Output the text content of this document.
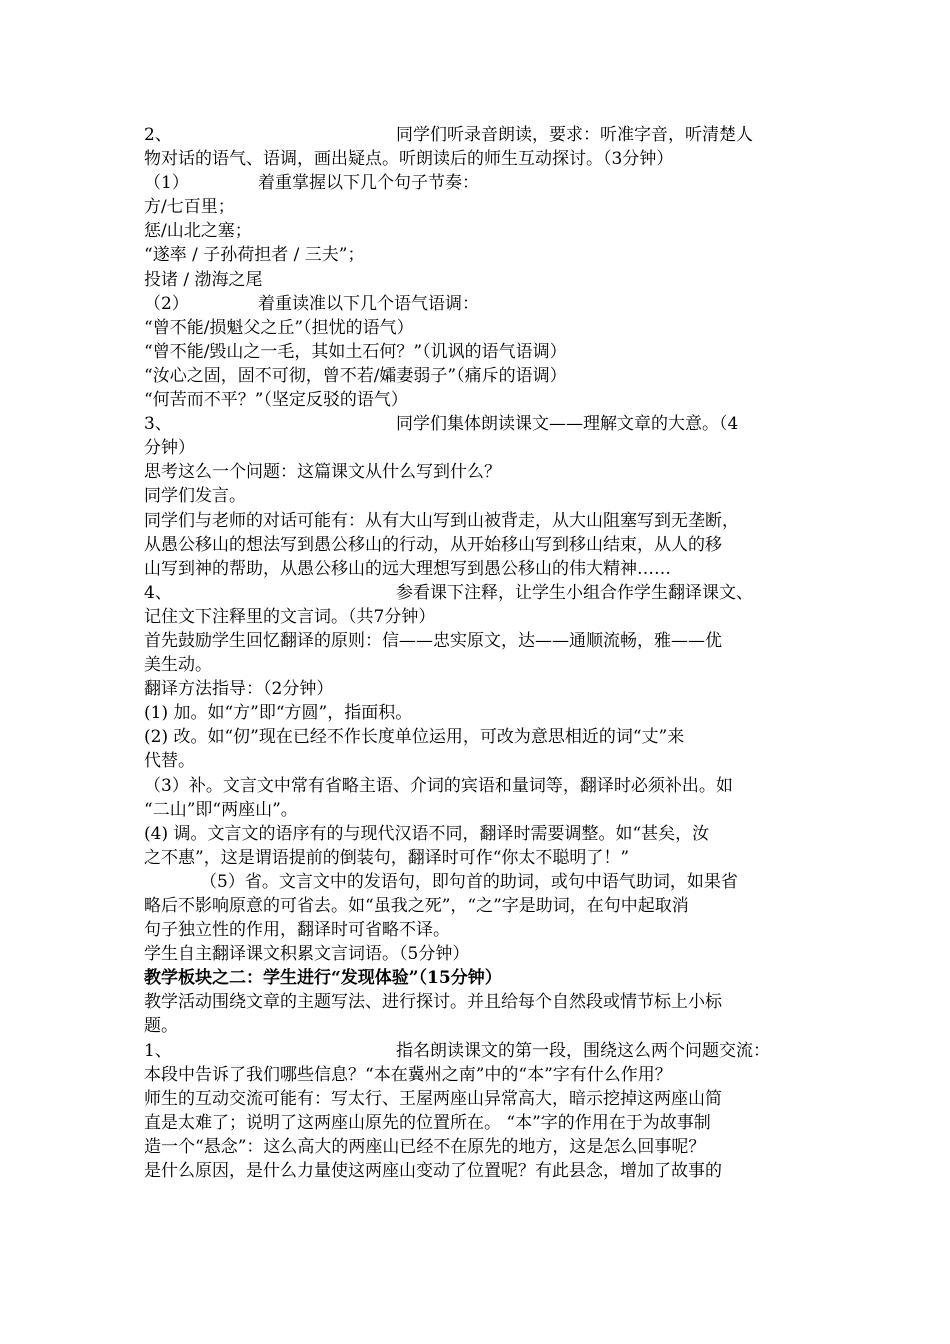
2、	同学们听录音朗读，要求：听准字音，听清楚人
物对话的语气、语调，画出疑点。听朗读后的师生互动探讨。（3分钟）
（1）	着重掌握以下几个句子节奏：
方/七百里；
惩/山北之塞；
“遂率 / 子孙荷担者 / 三夫”；
投诸 / 渤海之尾
（2）	着重读准以下几个语气语调：
“曾不能/损魁父之丘”（担忧的语气）
“曾不能/毁山之一毛，其如土石何？”（讥讽的语气语调）
“汝心之固，固不可彻，曾不若/孀妻弱子”（痛斥的语调）
“何苦而不平？”（坚定反驳的语气）
3、	同学们集体朗读课文——理解文章的大意。（4
分钟）
思考这么一个问题：这篇课文从什么写到什么？
同学们发言。
同学们与老师的对话可能有：从有大山写到山被背走，从大山阻塞写到无垄断，
从愚公移山的想法写到愚公移山的行动，从开始移山写到移山结束，从人的移
山写到神的帮助，从愚公移山的远大理想写到愚公移山的伟大精神……
4、	参看课下注释，让学生小组合作学生翻译课文、
记住文下注释里的文言词。（共7分钟）
首先鼓励学生回忆翻译的原则：信——忠实原文，达——通顺流畅，雅——优
美生动。
翻译方法指导：（2分钟）
(1) 加。如“方”即“方圆”，指面积。
(2) 改。如“仞”现在已经不作长度单位运用，可改为意思相近的词“丈”来
代替。
（3）补。文言文中常有省略主语、介词的宾语和量词等，翻译时必须补出。如
“二山”即“两座山”。
(4) 调。文言文的语序有的与现代汉语不同，翻译时需要调整。如“甚矣，汝
之不惠”，这是谓语提前的倒装句，翻译时可作“你太不聪明了！”
（5）省。文言文中的发语句，即句首的助词，或句中语气助词，如果省
略后不影响原意的可省去。如“虽我之死”，“之”字是助词，在句中起取消
句子独立性的作用，翻译时可省略不译。
学生自主翻译课文积累文言词语。（5分钟）
教学板块之二：学生进行“发现体验”（15分钟）
教学活动围绕文章的主题写法、进行探讨。并且给每个自然段或情节标上小标
题。
1、	指名朗读课文的第一段，围绕这么两个问题交流：
本段中告诉了我们哪些信息？“本在冀州之南”中的“本”字有什么作用？
师生的互动交流可能有：写太行、王屋两座山异常高大，暗示挖掉这两座山简
直是太难了；说明了这两座山原先的位置所在。 “本”字的作用在于为故事制
造一个“悬念”：这么高大的两座山已经不在原先的地方，这是怎么回事呢？
是什么原因，是什么力量使这两座山变动了位置呢？有此县念，增加了故事的
